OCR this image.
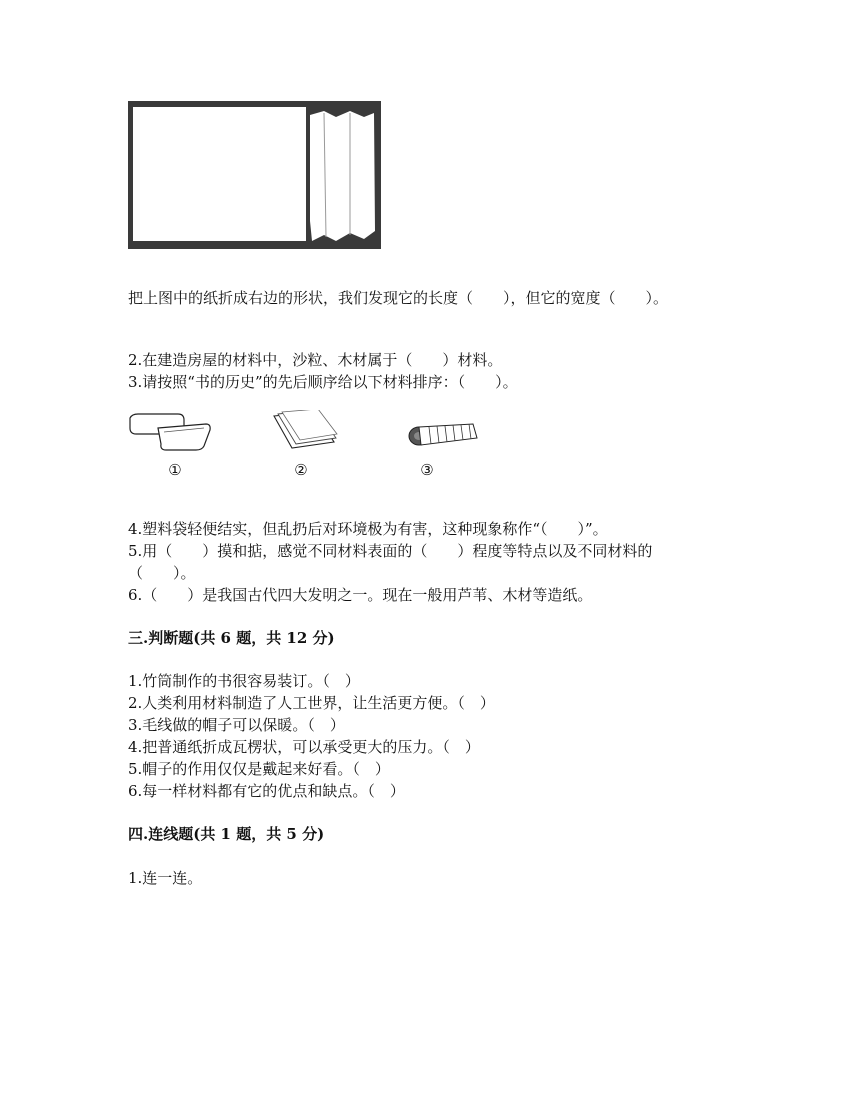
把上图中的纸折成右边的形状，我们发现它的长度（　　），但它的宽度（　　）。
2.在建造房屋的材料中，沙粒、木材属于（　　）材料。
3.请按照“书的历史”的先后顺序给以下材料排序：（　　）。
①	②	③
4.塑料袋轻便结实，但乱扔后对环境极为有害，这种现象称作“（　　）”。
5.用（　　）摸和掂，感觉不同材料表面的（　　）程度等特点以及不同材料的
（　　）。
6.（　　）是我国古代四大发明之一。现在一般用芦苇、木材等造纸。
三.判断题(共 6 题，共 12 分)
1.竹筒制作的书很容易装订。（　）
2.人类利用材料制造了人工世界，让生活更方便。（　）
3.毛线做的帽子可以保暖。（　）
4.把普通纸折成瓦楞状，可以承受更大的压力。（　）
5.帽子的作用仅仅是戴起来好看。（　）
6.每一样材料都有它的优点和缺点。（　）
四.连线题(共 1 题，共 5 分)
1.连一连。
